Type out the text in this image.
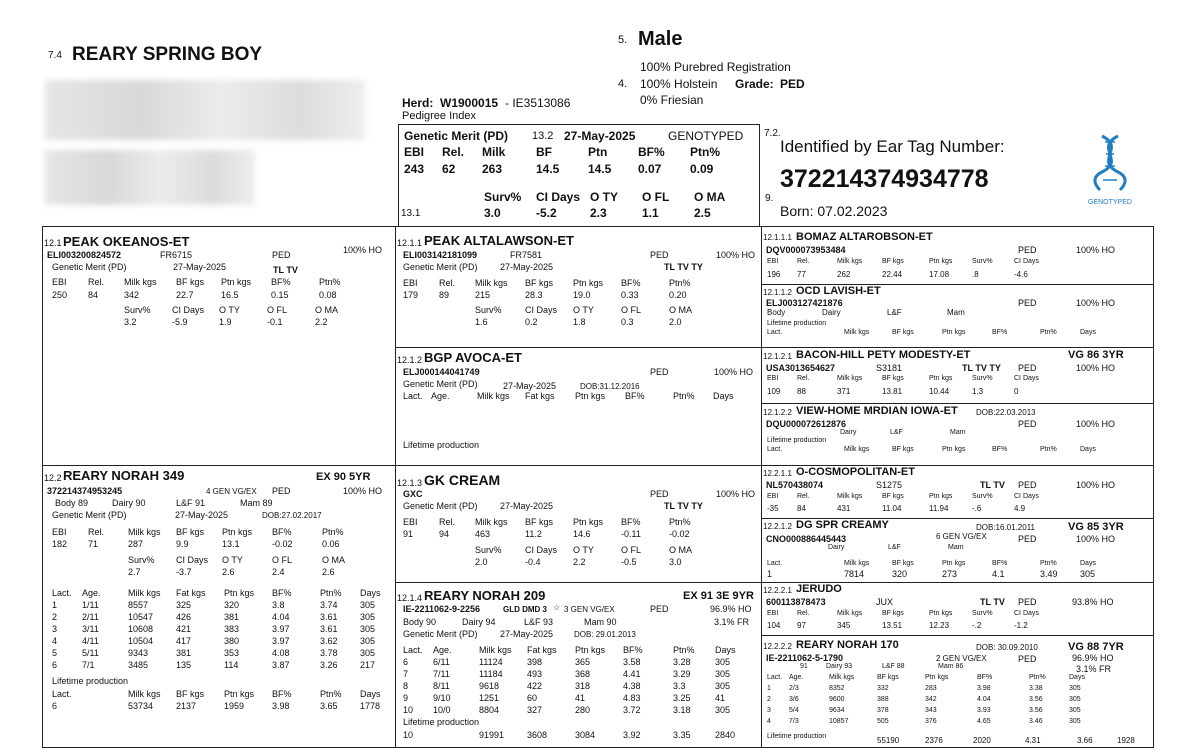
7.4 REARY SPRING BOY
5. Male
100% Purebred Registration
4. 100% Holstein Grade: PED
0% Friesian
Herd: W1900015 - IE3513086
Pedigree Index
Genetic Merit (PD) 13.2 27-May-2025	GENOTYPED
EBI	Rel.	Milk	BF	Ptn	BF%	Ptn%
243	62	263	14.5	14.5	0.07	0.09
Surv%	CI Days O TY	O FL	O MA
13.1	3.0	-5.2	2.3	1.1	2.5
7.2.
Identified by Ear Tag Number:
372214374934778
9.
Born: 07.02.2023
GENOTYPED
12.1 PEAK OKEANOS-ET
ELI003200824572	FR6715	PED	100% HO
Genetic Merit (PD)	27-May-2025	TL TV
EBI	Rel.	Milk kgs	BF kgs	Ptn kgs	BF%	Ptn%
250	84	342	22.7	16.5	0.15	0.08
Surv%	CI Days	O TY	O FL	O MA
3.2	-5.9	1.9	-0.1	2.2
12.1.1 PEAK ALTALAWSON-ET
ELI003142181099	FR7581	PED	100% HO
Genetic Merit (PD) 27-May-2025	TL TV TY
EBI	Rel.	Milk kgs	BF kgs	Ptn kgs	BF%	Ptn%
179	89	215	28.3	19.0	0.33	0.20
Surv%	CI Days	O TY	O FL	O MA
1.6	0.2	1.8	0.3	2.0
12.1.1.1 BOMAZ ALTAROBSON-ET
DQV000073953484	PED	100% HO
EBI	Rel.	Milk kgs	BF kgs	Ptn kgs	Surv%	CI Days
196	77	262	22.44	17.08	.8	-4.6
12.1.1.2 OCD LAVISH-ET
ELJ003127421876	PED	100% HO
Body	Dairy	L&F	Mam
Lifetime production
Lact.	Milk kgs	BF kgs	Ptn kgs	BF%	Ptn%	Days
12.1.2 BGP AVOCA-ET
ELJ000144041749	PED	100% HO
Genetic Merit (PD)	27-May-2025	DOB:31.12.2016
Lact. Age.	Milk kgs	Fat kgs	Ptn kgs	BF%	Ptn%	Days
Lifetime production
12.1.2.1 BACON-HILL PETY MODESTY-ET	VG 86 3YR
USA3013654627	S3181	TL TV TY PED	100% HO
EBI	Rel.	Milk kgs	BF kgs	Ptn kgs	Surv%	CI Days
109	88	371	13.81	10.44	1.3	0
12.1.2.2 VIEW-HOME MRDIAN IOWA-ET DOB:22.03.2013
DQU000072612876	PED	100% HO
Dairy	L&F	Mam
Lifetime production
Lact.	Milk kgs	BF kgs	Ptn kgs	BF%	Ptn%	Days
12.2 REARY NORAH 349	EX 90 5YR
372214374953245	4 GEN VG/EX PED	100% HO
Body 89	Dairy 90	L&F 91	Mam 89
Genetic Merit (PD)	27-May-2025	DOB:27.02.2017
EBI	Rel.	Milk kgs	BF kgs	Ptn kgs	BF%	Ptn%
182	71	287	9.9	13.1	-0.02	0.06
Surv%	CI Days	O TY	O FL	O MA
2.7	-3.7	2.6	2.4	2.6
Lact.	Age.	Milk kgs	Fat kgs	Ptn kgs	BF%	Ptn%	Days
1	1/11	8557	325	320	3.8	3.74	305
2	2/11	10547	426	381	4.04	3.61	305
3	3/11	10608	421	383	3.97	3.61	305
4	4/11	10504	417	380	3.97	3.62	305
5	5/11	9343	381	353	4.08	3.78	305
6	7/1	3485	135	114	3.87	3.26	217
Lifetime production
Lact.	Milk kgs	BF kgs	Ptn kgs	BF%	Ptn%	Days
6	53734	2137	1959	3.98	3.65	1778
12.1.3 GK CREAM
GXC	PED	100% HO
Genetic Merit (PD) 27-May-2025	TL TV TY
EBI	Rel.	Milk kgs	BF kgs	Ptn kgs	BF%	Ptn%
91	94	463	11.2	14.6	-0.11	-0.02
Surv%	CI Days	O TY	O FL	O MA
2.0	-0.4	2.2	-0.5	3.0
12.2.1.1 O-COSMOPOLITAN-ET
NL570438074	S1275	TL TV PED	100% HO
EBI	Rel.	Milk kgs	BF kgs	Ptn kgs	Surv%	CI Days
-35	84	431	11.04	11.94	-.6	4.9
12.2.1.2 DG SPR CREAMY	DOB:16.01.2011	VG 85 3YR
CNO000886445443	6 GEN VG/EX	PED	100% HO
Dairy	L&F	Mam
Lact.	Milk kgs	BF kgs	Ptn kgs	BF%	Ptn%	Days
1	7814	320	273	4.1	3.49	305
12.1.4 REARY NORAH 209	EX 91 3E 9YR
IE-2211062-9-2256	GLD DMD 3 ☆ 3 GEN VG/EX	PED	96.9% HO
3.1% FR
Body 90	Dairy 94	L&F 93	Mam 90
Genetic Merit (PD) 27-May-2025	DOB: 29.01.2013
Lact.	Age.	Milk kgs	Fat kgs	Ptn kgs	BF%	Ptn%	Days
6	6/11	11124	398	365	3.58	3.28	305
7	7/11	11184	493	368	4.41	3.29	305
8	8/11	9618	422	318	4.38	3.3	305
9	9/10	1251	60	41	4.83	3.25	41
10	10/0	8804	327	280	3.72	3.18	305
Lifetime production
10	91991	3608	3084	3.92	3.35	2840
12.2.2.1 JERUDO
600113878473	JUX	TL TV PED	93.8% HO
EBI	Rel.	Milk kgs	BF kgs	Ptn kgs	Surv%	CI Days
104	97	345	13.51	12.23	-.2	-1.2
12.2.2.2 REARY NORAH 170	DOB: 30.09.2010	VG 88 7YR
IE-2211062-5-1790	2 GEN VG/EX	PED	96.9% HO
3.1% FR
91	Dairy 93	L&F 88	Mam 86
Lact. Age.	Milk kgs	BF kgs	Ptn kgs	BF%	Ptn%	Days
1	2/3	8352	332	283	3.98	3.38	305
2	3/6	9600	388	342	4.04	3.56	305
3	5/4	9634	378	343	3.93	3.56	305
4	7/3	10857	505	376	4.65	3.46	305
Lifetime production	55190	2376	2020	4.31	3.66	1928
